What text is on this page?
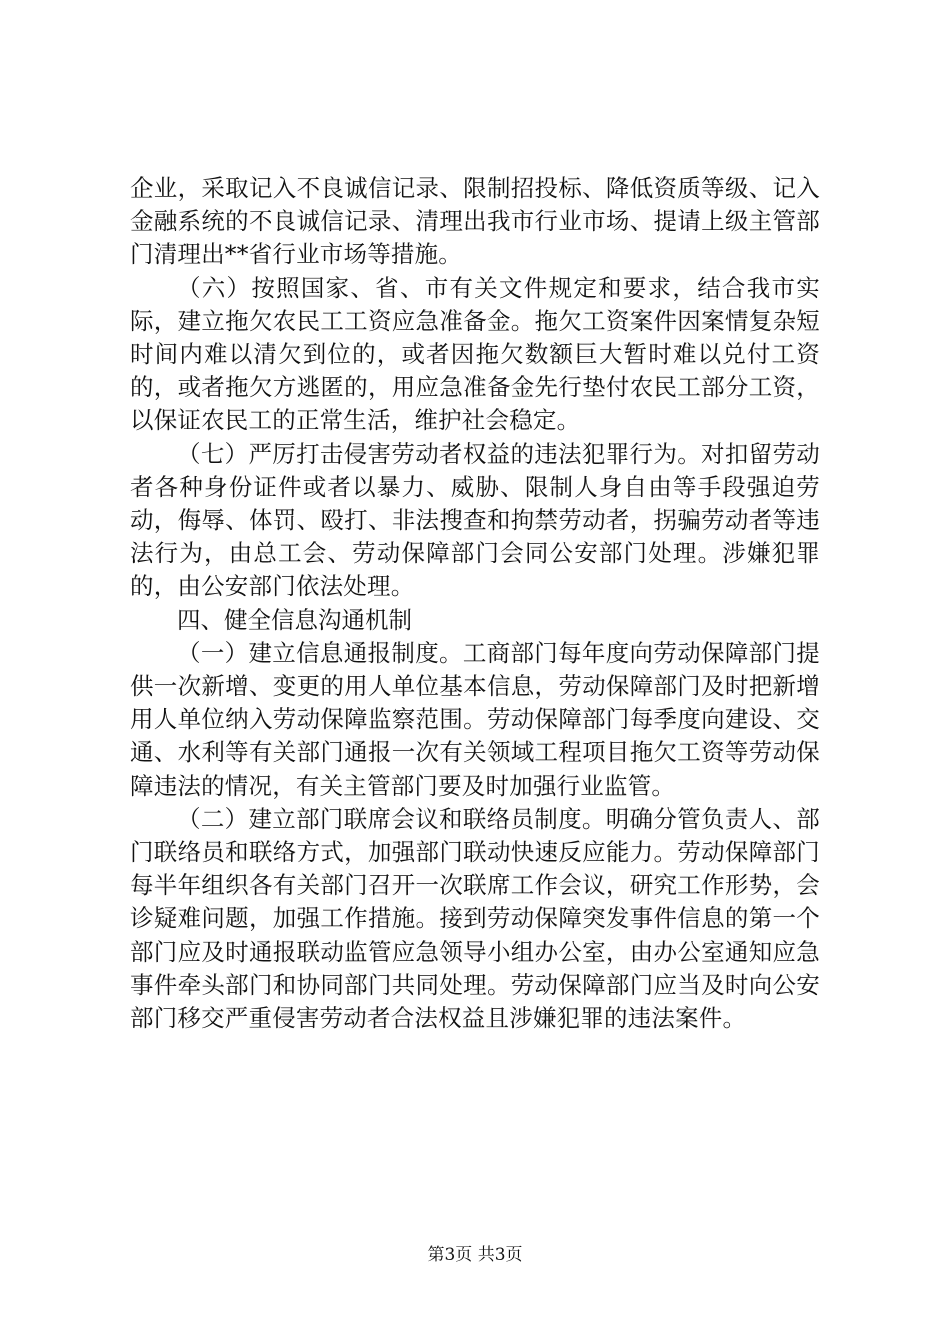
企业，采取记入不良诚信记录、限制招投标、降低资质等级、记入金融系统的不良诚信记录、清理出我市行业市场、提请上级主管部门清理出**省行业市场等措施。

（六）按照国家、省、市有关文件规定和要求，结合我市实际，建立拖欠农民工工资应急准备金。拖欠工资案件因案情复杂短时间内难以清欠到位的，或者因拖欠数额巨大暂时难以兑付工资的，或者拖欠方逃匿的，用应急准备金先行垫付农民工部分工资，以保证农民工的正常生活，维护社会稳定。

（七）严厉打击侵害劳动者权益的违法犯罪行为。对扣留劳动者各种身份证件或者以暴力、威胁、限制人身自由等手段强迫劳动，侮辱、体罚、殴打、非法搜查和拘禁劳动者，拐骗劳动者等违法行为，由总工会、劳动保障部门会同公安部门处理。涉嫌犯罪的，由公安部门依法处理。

四、健全信息沟通机制

（一）建立信息通报制度。工商部门每年度向劳动保障部门提供一次新增、变更的用人单位基本信息，劳动保障部门及时把新增用人单位纳入劳动保障监察范围。劳动保障部门每季度向建设、交通、水利等有关部门通报一次有关领域工程项目拖欠工资等劳动保障违法的情况，有关主管部门要及时加强行业监管。

（二）建立部门联席会议和联络员制度。明确分管负责人、部门联络员和联络方式，加强部门联动快速反应能力。劳动保障部门每半年组织各有关部门召开一次联席工作会议，研究工作形势，会诊疑难问题，加强工作措施。接到劳动保障突发事件信息的第一个部门应及时通报联动监管应急领导小组办公室，由办公室通知应急事件牵头部门和协同部门共同处理。劳动保障部门应当及时向公安部门移交严重侵害劳动者合法权益且涉嫌犯罪的违法案件。

第3页 共3页
